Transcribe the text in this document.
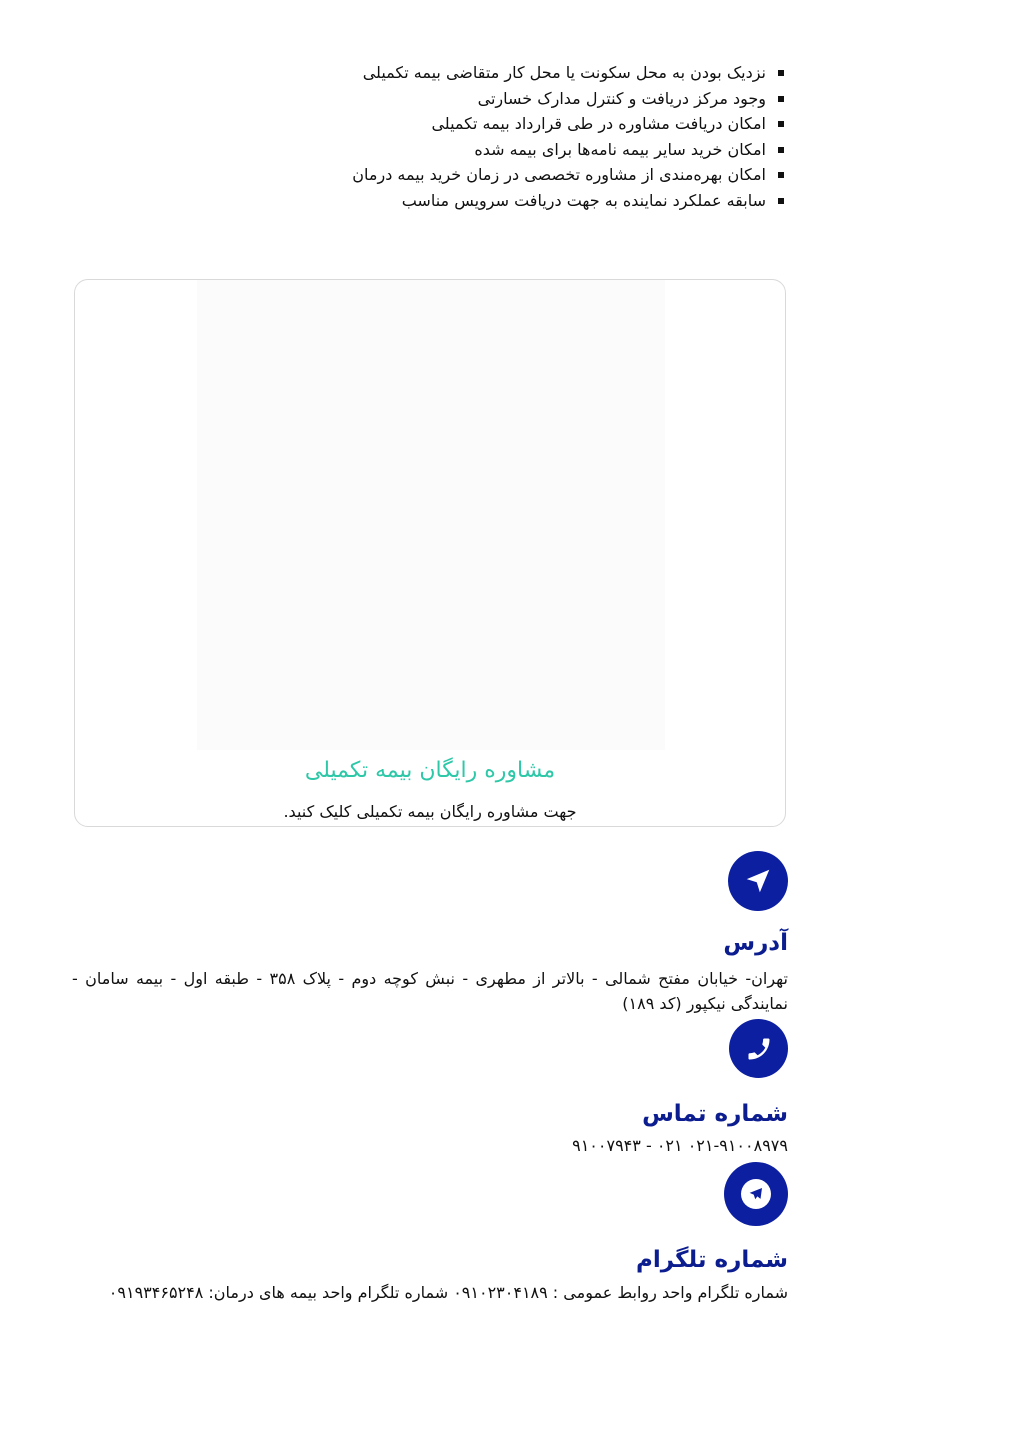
نزدیک بودن به محل سکونت یا محل کار متقاضی بیمه تکمیلی
وجود مرکز دریافت و کنترل مدارک خسارتی
امکان دریافت مشاوره در طی قرارداد بیمه تکمیلی
امکان خرید سایر بیمه نامه‌ها برای بیمه شده
امکان بهره‌مندی از مشاوره تخصصی در زمان خرید بیمه درمان
سابقه عملکرد نماینده به جهت دریافت سرویس مناسب
مشاوره رایگان بیمه تکمیلی
جهت مشاوره رایگان بیمه تکمیلی کلیک کنید.
آدرس
تهران- خیابان مفتح شمالی - بالاتر از مطهری - نبش کوچه دوم - پلاک ۳۵۸ - طبقه اول - بیمه سامان - نمایندگی نیکپور (کد ۱۸۹)
شماره تماس
۰۲۱-۹۱۰۰۸۹۷۹ ۰۲۱ - ۹۱۰۰۷۹۴۳
شماره تلگرام
شماره تلگرام واحد روابط عمومی : ۰۹۱۰۲۳۰۴۱۸۹ شماره تلگرام واحد بیمه های درمان: ۰۹۱۹۳۴۶۵۲۴۸
